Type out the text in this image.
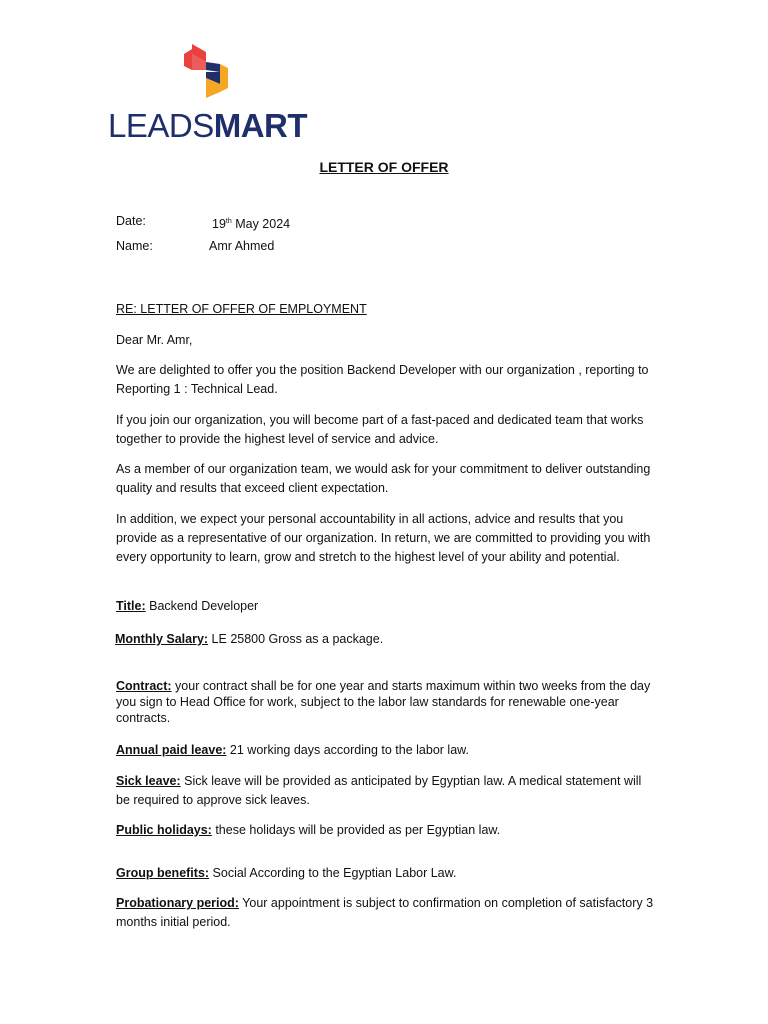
LEADSMART
LETTER OF OFFER
Date:	19th May 2024
Name:	Amr Ahmed
RE: LETTER OF OFFER OF EMPLOYMENT
Dear Mr. Amr,
We are delighted to offer you the position Backend Developer with our organization , reporting to Reporting 1 : Technical Lead.
If you join our organization, you will become part of a fast-paced and dedicated team that works together to provide the highest level of service and advice.
As a member of our organization team, we would ask for your commitment to deliver outstanding quality and results that exceed client expectation.
In addition, we expect your personal accountability in all actions, advice and results that you provide as a representative of our organization. In return, we are committed to providing you with every opportunity to learn, grow and stretch to the highest level of your ability and potential.
Title: Backend Developer
Monthly Salary: LE 25800 Gross as a package.
Contract: your contract shall be for one year and starts maximum within two weeks from the day you sign to Head Office for work, subject to the labor law standards for renewable one-year contracts.
Annual paid leave: 21 working days according to the labor law.
Sick leave: Sick leave will be provided as anticipated by Egyptian law. A medical statement will be required to approve sick leaves.
Public holidays: these holidays will be provided as per Egyptian law.
Group benefits: Social According to the Egyptian Labor Law.
Probationary period: Your appointment is subject to confirmation on completion of satisfactory 3 months initial period.
